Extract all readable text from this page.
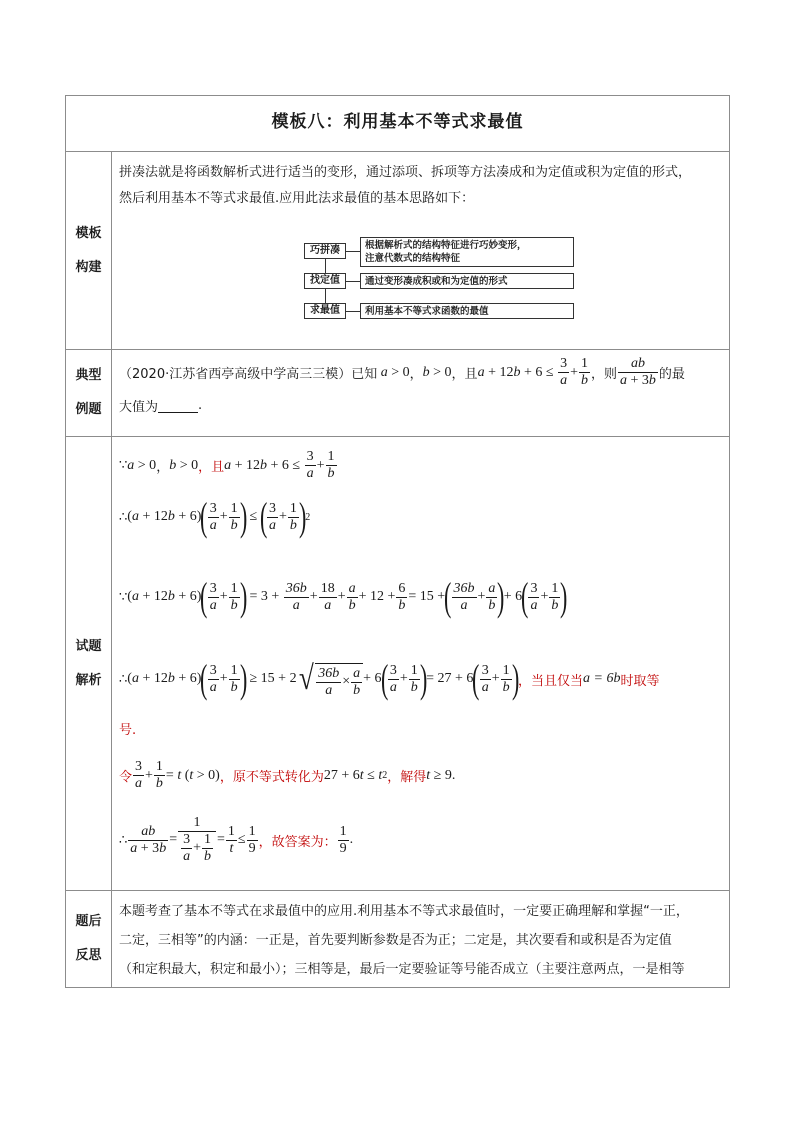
模板八：利用基本不等式求最值
模板
构建
拼凑法就是将函数解析式进行适当的变形，通过添项、拆项等方法凑成和为定值或积为定值的形式，
然后利用基本不等式求最值.应用此法求最值的基本思路如下：
巧拼凑	根据解析式的结构特征进行巧妙变形，
注意代数式的结构特征
找定值	通过变形凑成积或和为定值的形式
求最值	利用基本不等式求函数的最值
典型
例题
（2020·江苏省西亭高级中学高三三模）已知 a > 0 ， b > 0 ，且 a + 12 $b + 6 \le \frac{3}{a} + \frac{1}{b}$ ，则 $\frac{ab}{a + 3b}$ 的最
大值为	.
试题
解析
∵ a > 0 ， b > 0 ，且 a + 12 $b + 6 \le \frac{3}{a} + \frac{1}{b}$
∴ ( a + 12 b + 6)
( $\frac{3}{a} + \frac{1}{b}$ )
≤
( $\frac{3}{a} + \frac{1}{b}$ )
2
∵ ( a + 12 b + 6)
( $\frac{3}{a} + \frac{1}{b}$ )
= $3 + \frac{36b}{a} + \frac{18}{a} + \frac{a}{b} + 12 + \frac{6}{b} = 15$ +
( $\frac{36b}{a} + \frac{a}{b}$ )
+ 6
( $\frac{3}{a} + \frac{1}{b}$ )
∴ ( a + 12 b + 6)
( $\frac{3}{a} + \frac{1}{b}$ )
≥ 15 + 2 √ $\frac{36b}{a} \times \frac{a}{b} + 6$
( $\frac{3}{a} + \frac{1}{b}$ )
= 27 + 6
( $\frac{3}{a} + \frac{1}{b}$ )
，当且仅当 a = 6b 时取等
号.
令 $\frac{3}{a} + \frac{1}{b} = t$ ( t > 0) ，原不等式转化为 27 + 6 t ≤ t 2 ，解得 t ≥ 9.
∴ $\frac{ab}{a + 3b} = \frac{1}{\frac{3}{a} + \frac{1}{b}} = \frac{1}{t} \le \frac{1}{9}$ ，故答案为： $\frac{1}{9}$ .
题后
反思
本题考查了基本不等式在求最值中的应用.利用基本不等式求最值时，一定要正确理解和掌握“一正，
二定，三相等”的内涵：一正是，首先要判断参数是否为正；二定是，其次要看和或积是否为定值
（和定积最大，积定和最小）；三相等是，最后一定要验证等号能否成立（主要注意两点，一是相等
